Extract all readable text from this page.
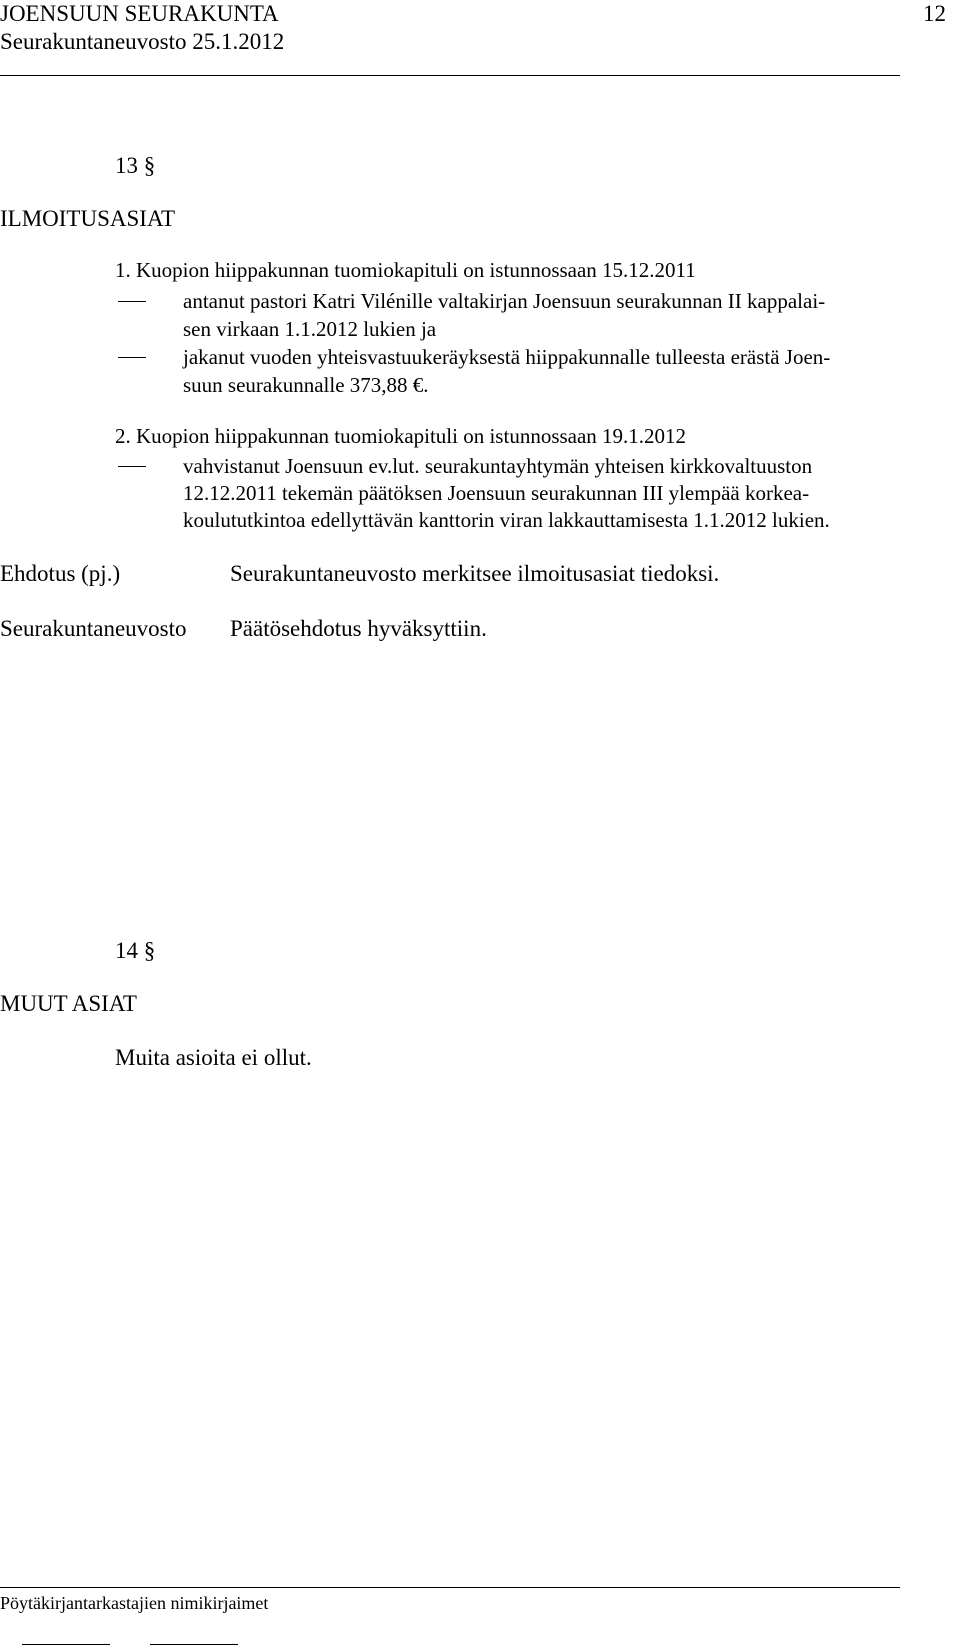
JOENSUUN SEURAKUNTA	12
Seurakuntaneuvosto 25.1.2012
13 §
ILMOITUSASIAT
1. Kuopion hiippakunnan tuomiokapituli on istunnossaan 15.12.2011
antanut pastori Katri Vilénille valtakirjan Joensuun seurakunnan II kappalai-
sen virkaan 1.1.2012 lukien ja
jakanut vuoden yhteisvastuukeräyksestä hiippakunnalle tulleesta erästä Joen-
suun seurakunnalle 373,88 €.
2. Kuopion hiippakunnan tuomiokapituli on istunnossaan 19.1.2012
vahvistanut Joensuun ev.lut. seurakuntayhtymän yhteisen kirkkovaltuuston
12.12.2011 tekemän päätöksen Joensuun seurakunnan III ylempää korkea-
koulututkintoa edellyttävän kanttorin viran lakkauttamisesta 1.1.2012 lukien.
Ehdotus (pj.)	Seurakuntaneuvosto merkitsee ilmoitusasiat tiedoksi.
Seurakuntaneuvosto Päätösehdotus hyväksyttiin.
14 §
MUUT ASIAT
Muita asioita ei ollut.
Pöytäkirjantarkastajien nimikirjaimet
